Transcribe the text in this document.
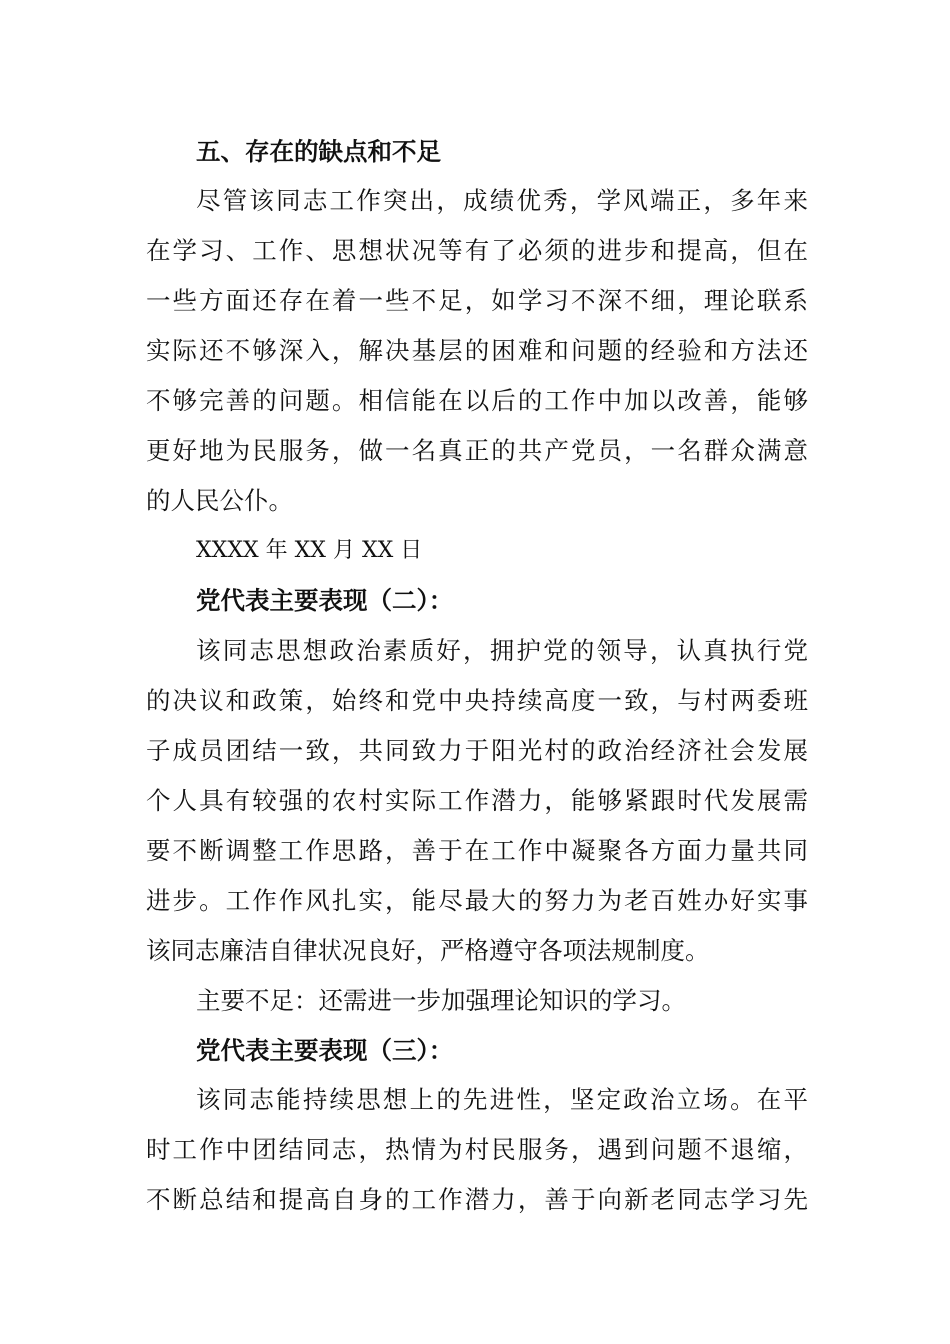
五、存在的缺点和不足
尽管该同志工作突出，成绩优秀，学风端正，多年来
在学习、工作、思想状况等有了必须的进步和提高，但在
一些方面还存在着一些不足，如学习不深不细，理论联系
实际还不够深入，解决基层的困难和问题的经验和方法还
不够完善的问题。相信能在以后的工作中加以改善，能够
更好地为民服务，做一名真正的共产党员，一名群众满意
的人民公仆。
XXXX 年 XX 月 XX 日
党代表主要表现（二）：
该同志思想政治素质好，拥护党的领导，认真执行党
的决议和政策，始终和党中央持续高度一致，与村两委班
子成员团结一致，共同致力于阳光村的政治经济社会发展
个人具有较强的农村实际工作潜力，能够紧跟时代发展需
要不断调整工作思路，善于在工作中凝聚各方面力量共同
进步。工作作风扎实，能尽最大的努力为老百姓办好实事
该同志廉洁自律状况良好，严格遵守各项法规制度。
主要不足：还需进一步加强理论知识的学习。
党代表主要表现（三）：
该同志能持续思想上的先进性，坚定政治立场。在平
时工作中团结同志，热情为村民服务，遇到问题不退缩，
不断总结和提高自身的工作潜力，善于向新老同志学习先
